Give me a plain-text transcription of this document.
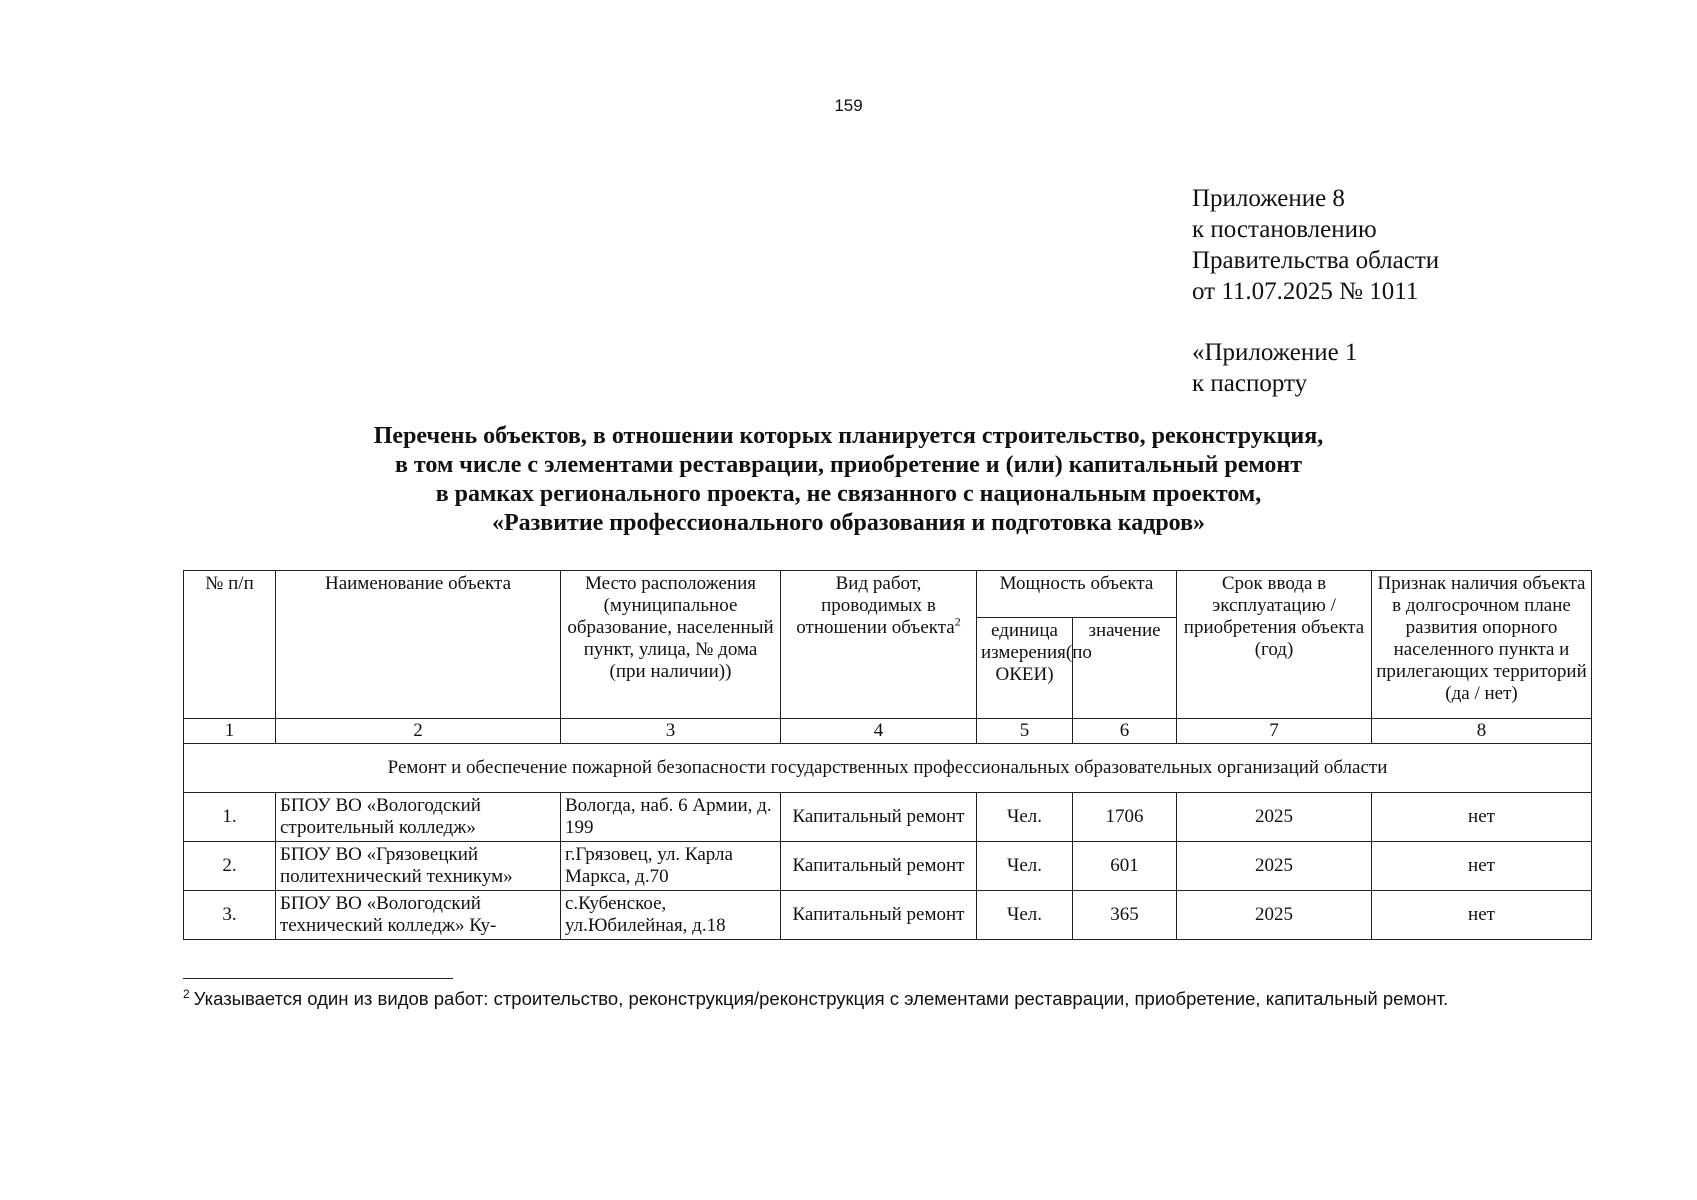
159
Приложение 8
к постановлению
Правительства области
от 11.07.2025 № 1011
«Приложение 1
к паспорту
Перечень объектов, в отношении которых планируется строительство, реконструкция,
в том числе с элементами реставрации, приобретение и (или) капитальный ремонт
в рамках регионального проекта, не связанного с национальным проектом,
«Развитие профессионального образования и подготовка кадров»
№ п/п	Наименование объекта	Место расположения (муниципальное образование, населенный пункт, улица, № дома (при наличии))	Вид работ, проводимых в отношении объекта$^2$	Мощность объекта		Срок ввода в эксплуатацию /приобретения объекта (год)	Признак наличия объекта в долгосрочном плане развития опорного населенного пункта и прилегающих территорий (да / нет)
				единица измерения(по ОКЕИ)	значение		
1	2	3	4	5	6	7	8
Ремонт и обеспечение пожарной безопасности государственных профессиональных образовательных организаций области							
1.	БПОУ ВО «Вологодский строительный колледж»	Вологда, наб. 6 Армии, д. 199	Капитальный ремонт	Чел.	1706	2025	нет
2.	БПОУ ВО «Грязовецкий политехнический техникум»	г.Грязовец, ул. Карла Маркса, д.70	Капитальный ремонт	Чел.	601	2025	нет
3.	БПОУ ВО «Вологодский технический колледж» Ку-	с.Кубенское, ул.Юбилейная, д.18	Капитальный ремонт	Чел.	365	2025	нет
$^2$ Указывается один из видов работ: строительство, реконструкция/реконструкция с элементами реставрации, приобретение, капитальный ремонт.
